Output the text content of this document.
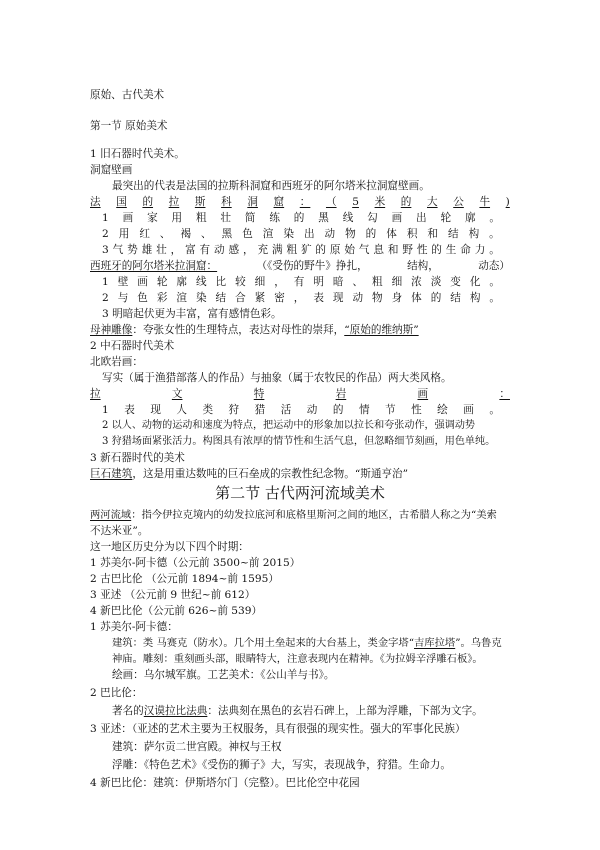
原始、古代美术
第一节 原始美术
1 旧石器时代美术。
洞窟壁画
最突出的代表是法国的拉斯科洞窟和西班牙的阿尔塔米拉洞窟壁画。
法 国 的 拉 斯 科 洞 窟 ： （ 5 米 的 大 公 牛 )
1 画 家 用 粗 壮 简 练 的 黑 线 勾 画 出 轮 廓 。
2 用 红 、 褐 、 黑 色 渲 染 出 动 物 的 体 积 和 结 构 。
3 气 势 雄 壮 ， 富 有 动 感 ， 充 满 粗 犷 的 原 始 气 息 和 野 性 的 生 命 力 。
西班牙的阿尔塔米拉洞窟：	（《受伤的野牛》挣扎，	结构，	动态）
1 壁 画 轮 廓 线 比 较 细 ， 有 明 暗 、 粗 细 浓 淡 变 化 。
2 与 色 彩 渲 染 结 合 紧 密 ， 表 现 动 物 身 体 的 结 构 。
3 明暗起伏更为丰富，富有感情色彩。
母神雕像：夸张女性的生理特点，表达对母性的崇拜，“原始的维纳斯”
2 中石器时代美术
北欧岩画：
写实（属于渔猎部落人的作品）与抽象（属于农牧民的作品）两大类风格。
拉	文	特	岩	画	：
1 表 现 人 类 狩 猎 活 动 的 情 节 性 绘 画 。
2 以人、动物的运动和速度为特点，把运动中的形象加以拉长和夸张动作，强调动势
3 狩猎场面紧张活力。构图具有浓厚的情节性和生活气息，但忽略细节刻画，用色单纯。
3 新石器时代的美术
巨石建筑，这是用重达数吨的巨石垒成的宗教性纪念物。“斯通亨治”
第二节 古代两河流域美术
两河流域：指今伊拉克境内的幼发拉底河和底格里斯河之间的地区，古希腊人称之为“美索
不达米亚”。
这一地区历史分为以下四个时期：
1 苏美尔-阿卡德（公元前 3500~前 2015）
2 古巴比伦 （公元前 1894~前 1595）
3 亚述 （公元前 9 世纪~前 612）
4 新巴比伦（公元前 626~前 539）
1 苏美尔-阿卡德：
建筑：类 马赛克（防水）。几个用土垒起来的大台基上，类金字塔“吉库拉塔”。乌鲁克
神庙。雕刻：重刻画头部，眼睛特大，注意表现内在精神。《为拉姆辛浮雕石板》。
绘画：乌尔城军旗。工艺美术：《公山羊与书》。
2 巴比伦：
著名的汉谟拉比法典：法典刻在黑色的玄岩石碑上，上部为浮雕，下部为文字。
3 亚述：（亚述的艺术主要为王权服务，具有很强的现实性。强大的军事化民族）
建筑：萨尔贡二世宫殿。神权与王权
浮雕：《特色艺术》《受伤的狮子》大，写实，表现战争，狩猎。生命力。
4 新巴比伦：建筑：伊斯塔尔门（完整）。巴比伦空中花园
